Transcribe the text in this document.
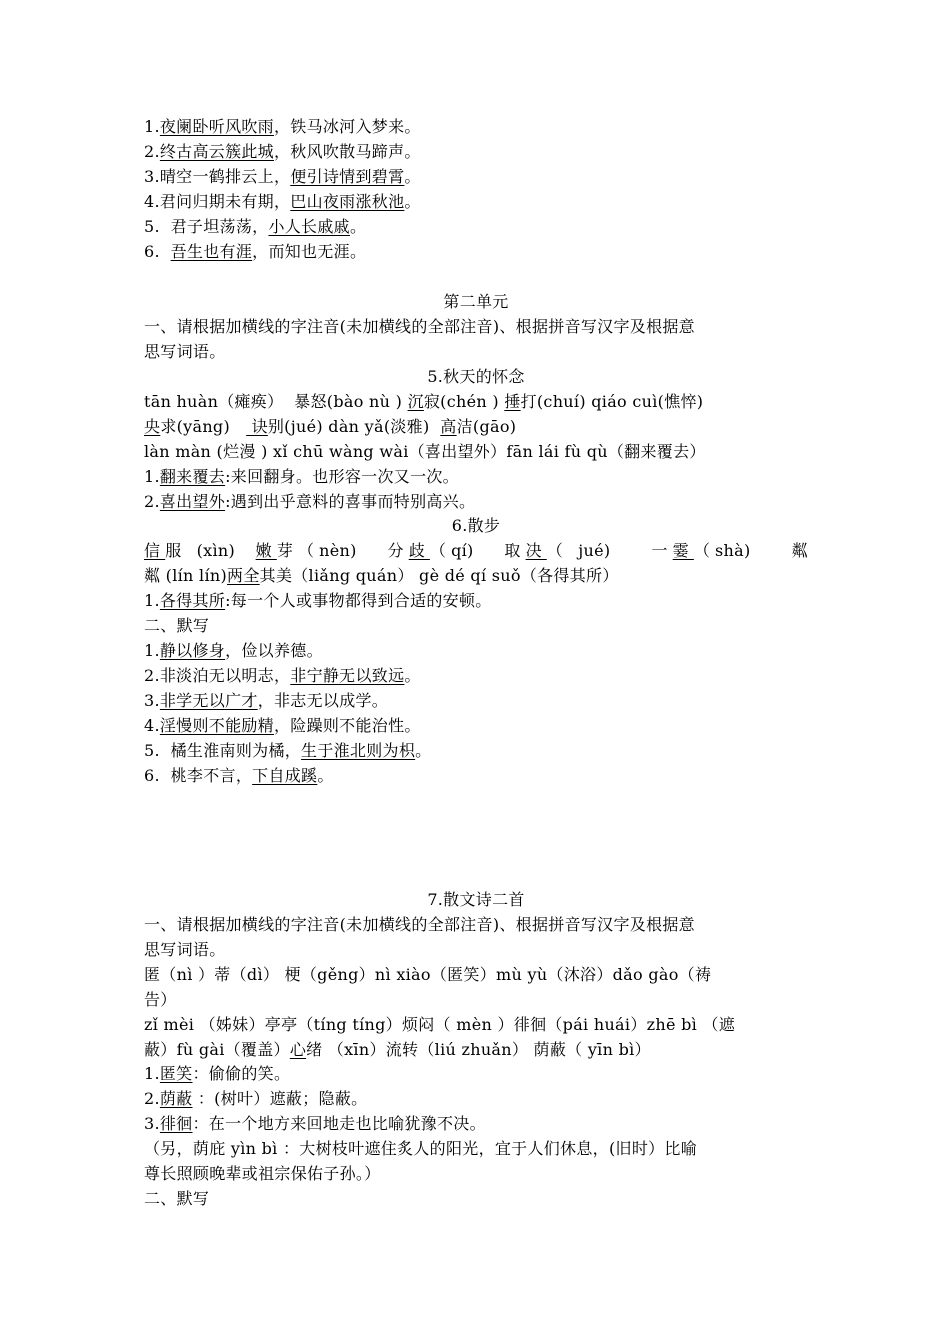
1.夜阑卧听风吹雨，铁马冰河入梦来。
2.终古高云簇此城，秋风吹散马蹄声。
3.晴空一鹤排云上，便引诗情到碧霄。
4.君问归期未有期，巴山夜雨涨秋池。
5.  君子坦荡荡，小人长戚戚。
6.  吾生也有涯，而知也无涯。
第二单元
一、请根据加横线的字注音(未加横线的全部注音)、根据拼音写汉字及根据意
思写词语。
5.秋天的怀念
tān huàn（瘫痪）  暴怒(bào nù ) 沉寂(chén ) 捶打(chuí) qiáo cuì(憔悴)
央求(yāng)    诀别(jué) dàn yǎ(淡雅)  高洁(gāo)
làn màn (烂漫 ) xǐ chū wàng wài（喜出望外）fān lái fù qù（翻来覆去）
1.翻来覆去:来回翻身。也形容一次又一次。
2.喜出望外:遇到出乎意料的喜事而特别高兴。
6.散步
信服 (xìn)  嫩芽（nèn)   分歧（qí)   取决（ jué)    一霎（shà)    粼
粼 (lín lín)两全其美（liǎng quán） gè dé qí suǒ（各得其所）
1.各得其所:每一个人或事物都得到合适的安顿。
二、默写
1.静以修身，俭以养德。
2.非淡泊无以明志，非宁静无以致远。
3.非学无以广才，非志无以成学。
4.淫慢则不能励精，险躁则不能治性。
5.  橘生淮南则为橘，生于淮北则为枳。
6.  桃李不言，下自成蹊。
7.散文诗二首
一、请根据加横线的字注音(未加横线的全部注音)、根据拼音写汉字及根据意
思写词语。
匿（nì ）蒂（dì） 梗（gěng）nì xiào（匿笑）mù yù（沐浴）dǎo gào（祷
告）
zǐ mèi （姊妹）亭亭（tíng tíng）烦闷（ mèn ）徘徊（pái huái）zhē bì （遮
蔽）fù gài（覆盖）心绪 （xīn）流转（liú zhuǎn） 荫蔽（ yīn bì）
1.匿笑：偷偷的笑。
2.荫蔽 ：(树叶）遮蔽；隐蔽。
3.徘徊：在一个地方来回地走也比喻犹豫不决。
（另，荫庇 yìn bì ：大树枝叶遮住炙人的阳光，宜于人们休息，(旧时）比喻
尊长照顾晚辈或祖宗保佑子孙。）
二、默写
